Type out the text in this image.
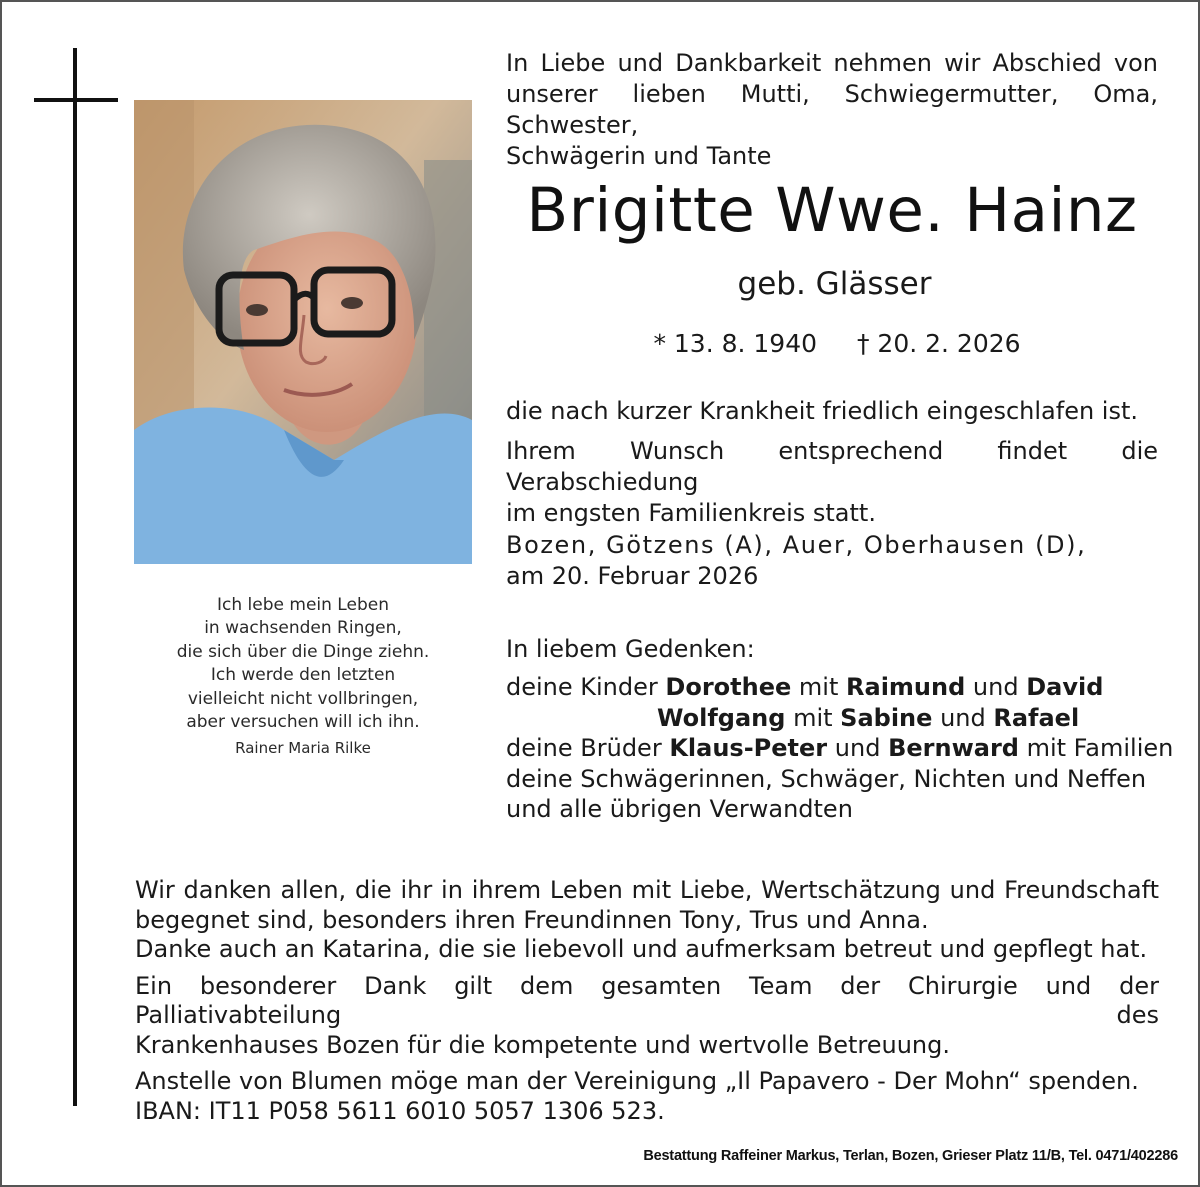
Ich lebe mein Leben
in wachsenden Ringen,
die sich über die Dinge ziehn.
Ich werde den letzten
vielleicht nicht vollbringen,
aber versuchen will ich ihn.
Rainer Maria Rilke
In Liebe und Dankbarkeit nehmen wir Abschied von
unserer lieben Mutti, Schwiegermutter, Oma, Schwester,
Schwägerin und Tante
Brigitte Wwe. Hainz
geb. Glässer
* 13. 8. 1940 † 20. 2. 2026
die nach kurzer Krankheit friedlich eingeschlafen ist.
Ihrem Wunsch entsprechend findet die Verabschiedung
im engsten Familienkreis statt.
Bozen, Götzens (A), Auer, Oberhausen (D),
am 20. Februar 2026
In liebem Gedenken:
deine Kinder Dorothee mit Raimund und David
Wolfgang mit Sabine und Rafael
deine Brüder Klaus-Peter und Bernward mit Familien
deine Schwägerinnen, Schwäger, Nichten und Neffen
und alle übrigen Verwandten

Wir danken allen, die ihr in ihrem Leben mit Liebe, Wertschätzung und Freundschaft
begegnet sind, besonders ihren Freundinnen Tony, Trus und Anna.
Danke auch an Katarina, die sie liebevoll und aufmerksam betreut und gepflegt hat.

Ein besonderer Dank gilt dem gesamten Team der Chirurgie und der Palliativabteilung des
Krankenhauses Bozen für die kompetente und wertvolle Betreuung.

Anstelle von Blumen möge man der Vereinigung „Il Papavero - Der Mohn“ spenden.
IBAN: IT11 P058 5611 6010 5057 1306 523.

Bestattung Raffeiner Markus, Terlan, Bozen, Grieser Platz 11/B, Tel. 0471/402286
